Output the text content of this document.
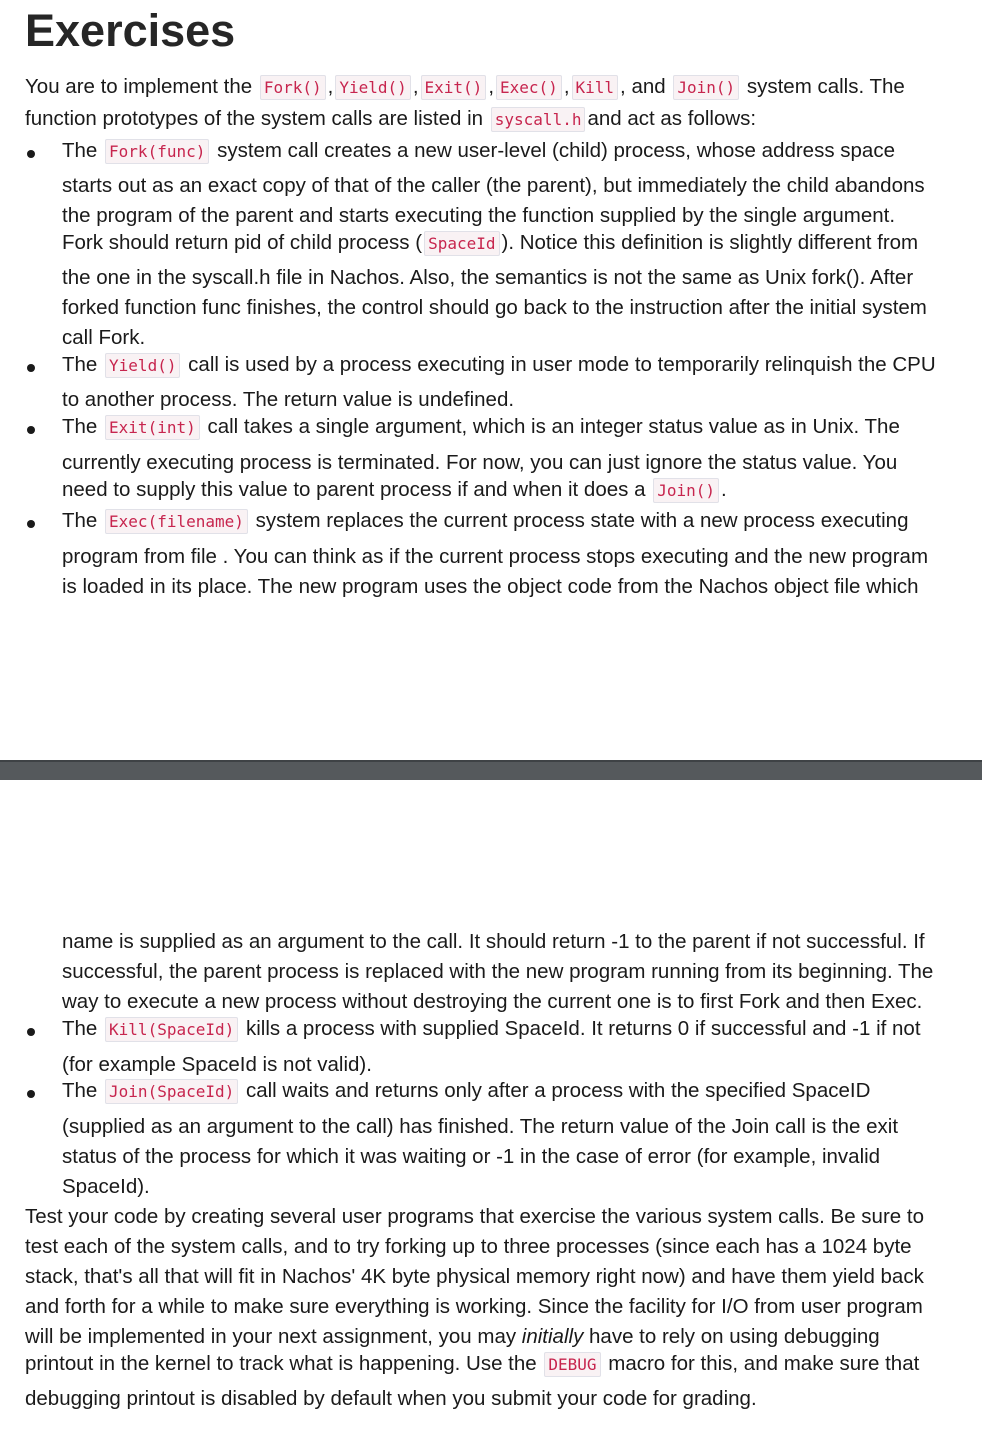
Exercises
You are to implement the Fork() , Yield() , Exit() , Exec() , Kill , and Join() system calls. The
function prototypes of the system calls are listed in syscall.h and act as follows:
The Fork(func) system call creates a new user-level (child) process, whose address space
starts out as an exact copy of that of the caller (the parent), but immediately the child abandons
the program of the parent and starts executing the function supplied by the single argument.
Fork should return pid of child process ( SpaceId ). Notice this definition is slightly different from
the one in the syscall.h file in Nachos. Also, the semantics is not the same as Unix fork(). After
forked function func finishes, the control should go back to the instruction after the initial system
call Fork.
The Yield() call is used by a process executing in user mode to temporarily relinquish the CPU
to another process. The return value is undefined.
The Exit(int) call takes a single argument, which is an integer status value as in Unix. The
currently executing process is terminated. For now, you can just ignore the status value. You
need to supply this value to parent process if and when it does a Join() .
The Exec(filename) system replaces the current process state with a new process executing
program from file . You can think as if the current process stops executing and the new program
is loaded in its place. The new program uses the object code from the Nachos object file which
name is supplied as an argument to the call. It should return -1 to the parent if not successful. If
successful, the parent process is replaced with the new program running from its beginning. The
way to execute a new process without destroying the current one is to first Fork and then Exec.
The Kill(SpaceId) kills a process with supplied SpaceId. It returns 0 if successful and -1 if not
(for example SpaceId is not valid).
The Join(SpaceId) call waits and returns only after a process with the specified SpaceID
(supplied as an argument to the call) has finished. The return value of the Join call is the exit
status of the process for which it was waiting or -1 in the case of error (for example, invalid
SpaceId).
Test your code by creating several user programs that exercise the various system calls. Be sure to
test each of the system calls, and to try forking up to three processes (since each has a 1024 byte
stack, that's all that will fit in Nachos' 4K byte physical memory right now) and have them yield back
and forth for a while to make sure everything is working. Since the facility for I/O from user program
will be implemented in your next assignment, you may initially have to rely on using debugging
printout in the kernel to track what is happening. Use the DEBUG macro for this, and make sure that
debugging printout is disabled by default when you submit your code for grading.
